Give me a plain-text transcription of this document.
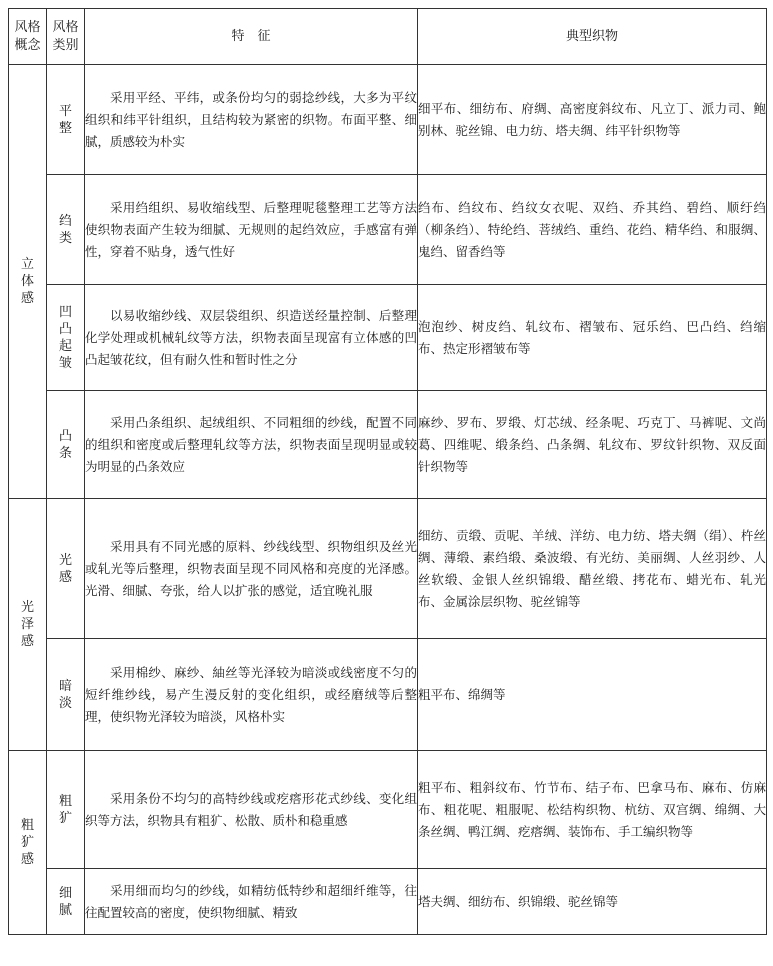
风格概念	风格类别	特　征	典型织物

立体感	平整	采用平经、平纬，或条份均匀的弱捻纱线，大多为平纹组织和纬平针组织，且结构较为紧密的织物。布面平整、细腻，质感较为朴实	细平布、细纺布、府绸、高密度斜纹布、凡立丁、派力司、鲍别林、驼丝锦、电力纺、塔夫绸、纬平针织物等

	绉类	采用绉组织、易收缩线型、后整理呢毯整理工艺等方法使织物表面产生较为细腻、无规则的起绉效应，手感富有弹性，穿着不贴身，透气性好	绉布、绉纹布、绉纹女衣呢、双绉、乔其绉、碧绉、顺纡绉（柳条绉）、特纶绉、菩绒绉、重绉、花绉、精华绉、和服绸、鬼绉、留香绉等

	凹凸起皱	以易收缩纱线、双层袋组织、织造送经量控制、后整理化学处理或机械轧纹等方法，织物表面呈现富有立体感的凹凸起皱花纹，但有耐久性和暂时性之分	泡泡纱、树皮绉、轧纹布、褶皱布、冠乐绉、巴凸绉、绉缩布、热定形褶皱布等

	凸条	采用凸条组织、起绒组织、不同粗细的纱线，配置不同的组织和密度或后整理轧纹等方法，织物表面呈现明显或较为明显的凸条效应	麻纱、罗布、罗缎、灯芯绒、经条呢、巧克丁、马裤呢、文尚葛、四维呢、缎条绉、凸条绸、轧纹布、罗纹针织物、双反面针织物等

光泽感	光感	采用具有不同光感的原料、纱线线型、织物组织及丝光或轧光等后整理，织物表面呈现不同风格和亮度的光泽感。光滑、细腻、夸张，给人以扩张的感觉，适宜晚礼服	细纺、贡缎、贡呢、羊绒、洋纺、电力纺、塔夫绸（绢）、杵丝绸、薄缎、素绉缎、桑波缎、有光纺、美丽绸、人丝羽纱、人丝软缎、金银人丝织锦缎、醋丝缎、拷花布、蜡光布、轧光布、金属涂层织物、驼丝锦等

	暗淡	采用棉纱、麻纱、紬丝等光泽较为暗淡或线密度不匀的短纤维纱线，易产生漫反射的变化组织，或经磨绒等后整理，使织物光泽较为暗淡，风格朴实	粗平布、绵绸等

粗犷感	粗犷	采用条份不均匀的高特纱线或疙瘩形花式纱线、变化组织等方法，织物具有粗犷、松散、质朴和稳重感	粗平布、粗斜纹布、竹节布、结子布、巴拿马布、麻布、仿麻布、粗花呢、粗服呢、松结构织物、杭纺、双宫绸、绵绸、大条丝绸、鸭江绸、疙瘩绸、装饰布、手工编织物等

	细腻	采用细而均匀的纱线，如精纺低特纱和超细纤维等，往往配置较高的密度，使织物细腻、精致	塔夫绸、细纺布、织锦缎、驼丝锦等
